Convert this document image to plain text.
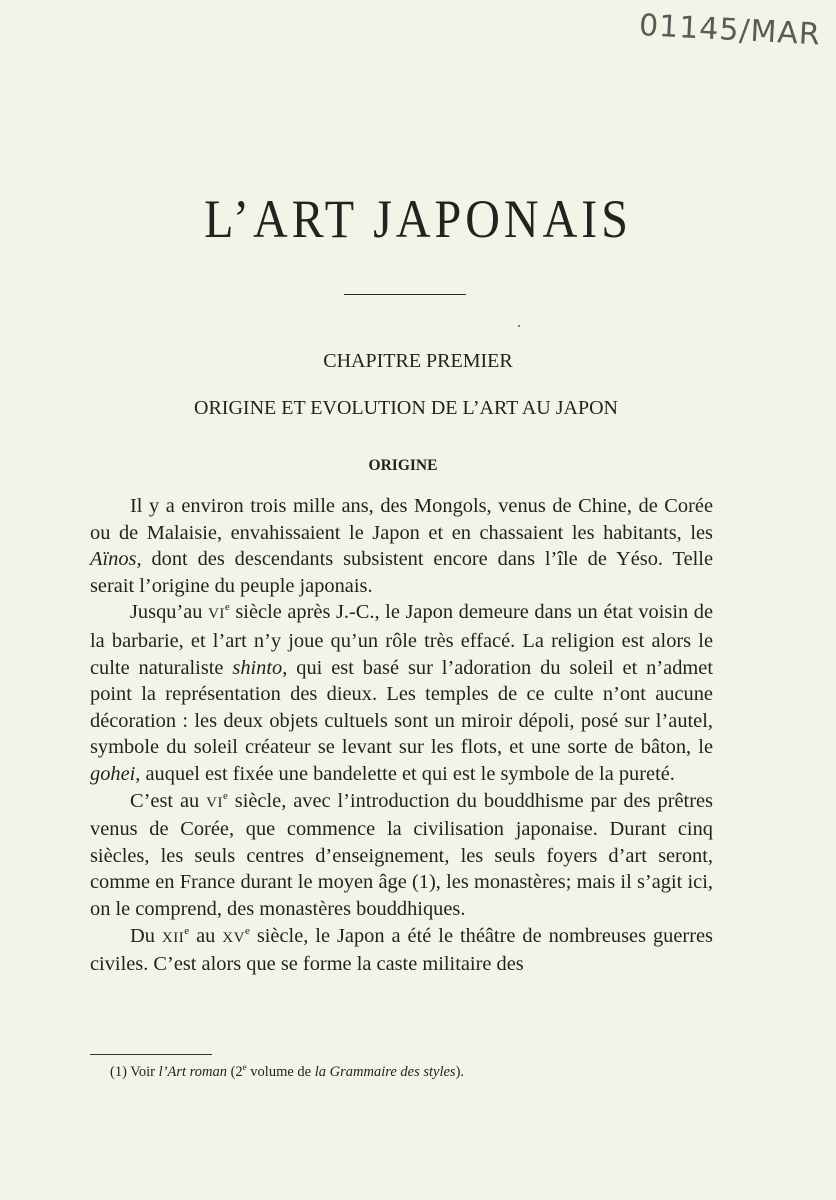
01145/MAR
L’ART JAPONAIS
CHAPITRE PREMIER
ORIGINE ET EVOLUTION DE L’ART AU JAPON
ORIGINE

Il y a environ trois mille ans, des Mongols, venus de Chine, de Corée ou de Malaisie, envahissaient le Japon et en chassaient les habitants, les Aïnos, dont des descendants subsistent encore dans l’île de Yéso. Telle serait l’origine du peuple japonais.

Jusqu’au VIe siècle après J.-C., le Japon demeure dans un état voisin de la barbarie, et l’art n’y joue qu’un rôle très effacé. La religion est alors le culte naturaliste shinto, qui est basé sur l’adoration du soleil et n’admet point la représentation des dieux. Les temples de ce culte n’ont aucune décoration : les deux objets cultuels sont un miroir dépoli, posé sur l’autel, symbole du soleil créateur se levant sur les flots, et une sorte de bâton, le gohei, auquel est fixée une bandelette et qui est le symbole de la pureté.

C’est au VIe siècle, avec l’introduction du bouddhisme par des prêtres venus de Corée, que commence la civilisation japonaise. Durant cinq siècles, les seuls centres d’enseignement, les seuls foyers d’art seront, comme en France durant le moyen âge (1), les monastères; mais il s’agit ici, on le comprend, des monastères bouddhiques.

Du XIIe au XVe siècle, le Japon a été le théâtre de nombreuses guerres civiles. C’est alors que se forme la caste militaire des

(1) Voir l’Art roman (2e volume de la Grammaire des styles).
